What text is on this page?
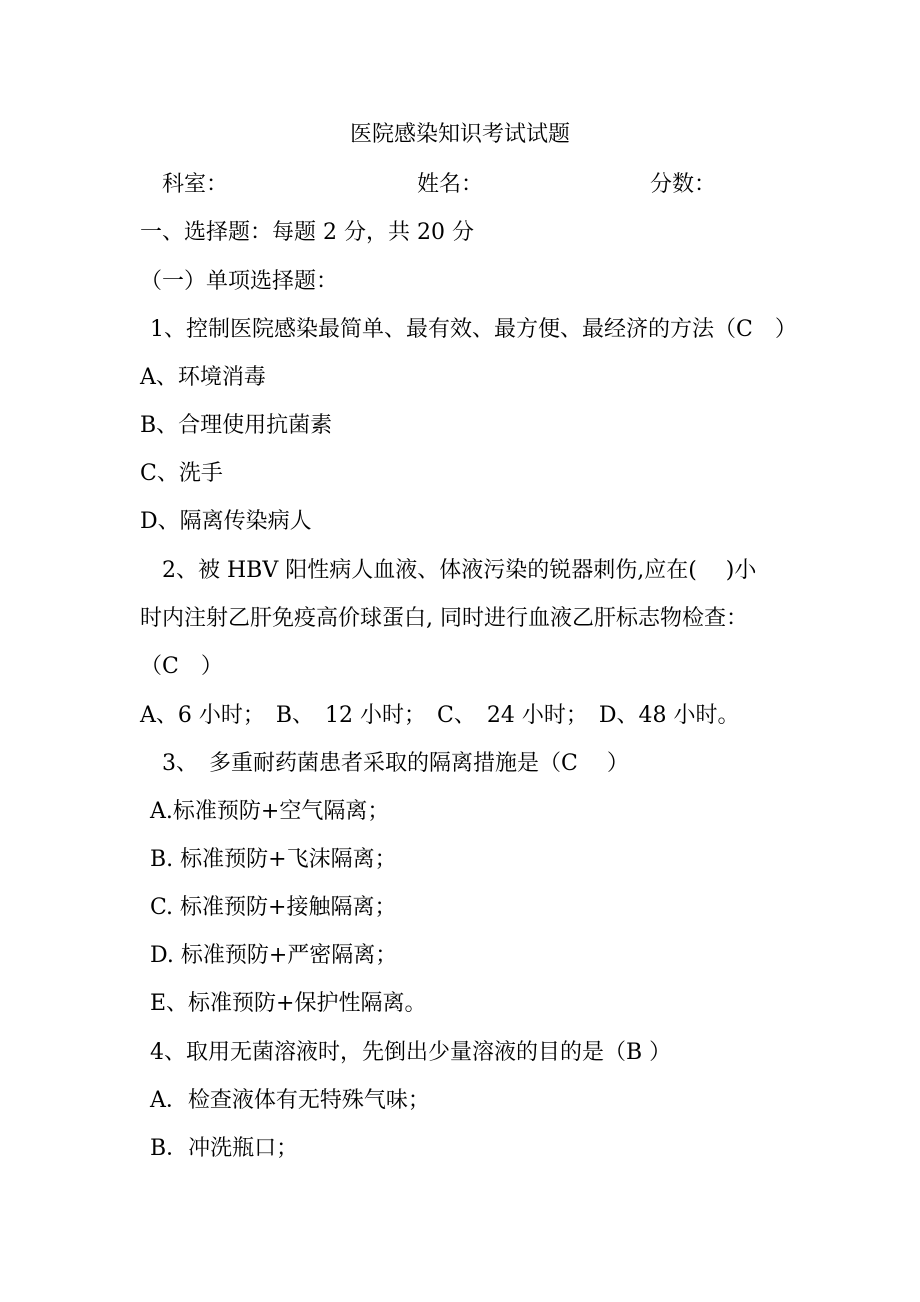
医院感染知识考试试题
科室：	姓名：	分数：
一、选择题：每题 2 分，共 20 分
（一）单项选择题：
1、控制医院感染最简单、最有效、最方便、最经济的方法（C　）
A、环境消毒
B、合理使用抗菌素
C、洗手
D、隔离传染病人
2、被 HBV 阳性病人血液、体液污染的锐器刺伤,应在(　 )小
时内注射乙肝免疫高价球蛋白, 同时进行血液乙肝标志物检查：
（C　）
A、6 小时；　B、　12 小时；　C、　24 小时；　D、48 小时。
3、　多重耐药菌患者采取的隔离措施是（C　 ）
A.标准预防+空气隔离；
B. 标准预防+飞沫隔离；
C. 标准预防+接触隔离；
D. 标准预防+严密隔离；
E、标准预防+保护性隔离。
4、取用无菌溶液时，先倒出少量溶液的目的是（B ）
A．检查液体有无特殊气味；
B．冲洗瓶口；
